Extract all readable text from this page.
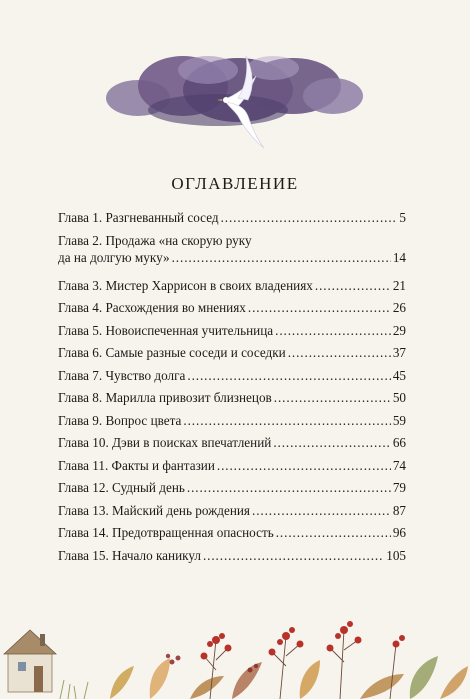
ОГЛАВЛЕНИЕ
Глава 1. Разгневанный сосед . . .	5
Глава 2. Продажа «на скорую руку
да на долгую муку» . . .	14
Глава 3. Мистер Харрисон в своих владениях . . .	21
Глава 4. Расхождения во мнениях . . .	26
Глава 5. Новоиспеченная учительница . . .	29
Глава 6. Самые разные соседи и соседки . . .	37
Глава 7. Чувство долга . . .	45
Глава 8. Марилла привозит близнецов . . .	50
Глава 9. Вопрос цвета . . .	59
Глава 10. Дэви в поисках впечатлений . . .	66
Глава 11. Факты и фантазии . . .	74
Глава 12. Судный день . . .	79
Глава 13. Майский день рождения . . .	87
Глава 14. Предотвращенная опасность . . .	96
Глава 15. Начало каникул . . .	105
